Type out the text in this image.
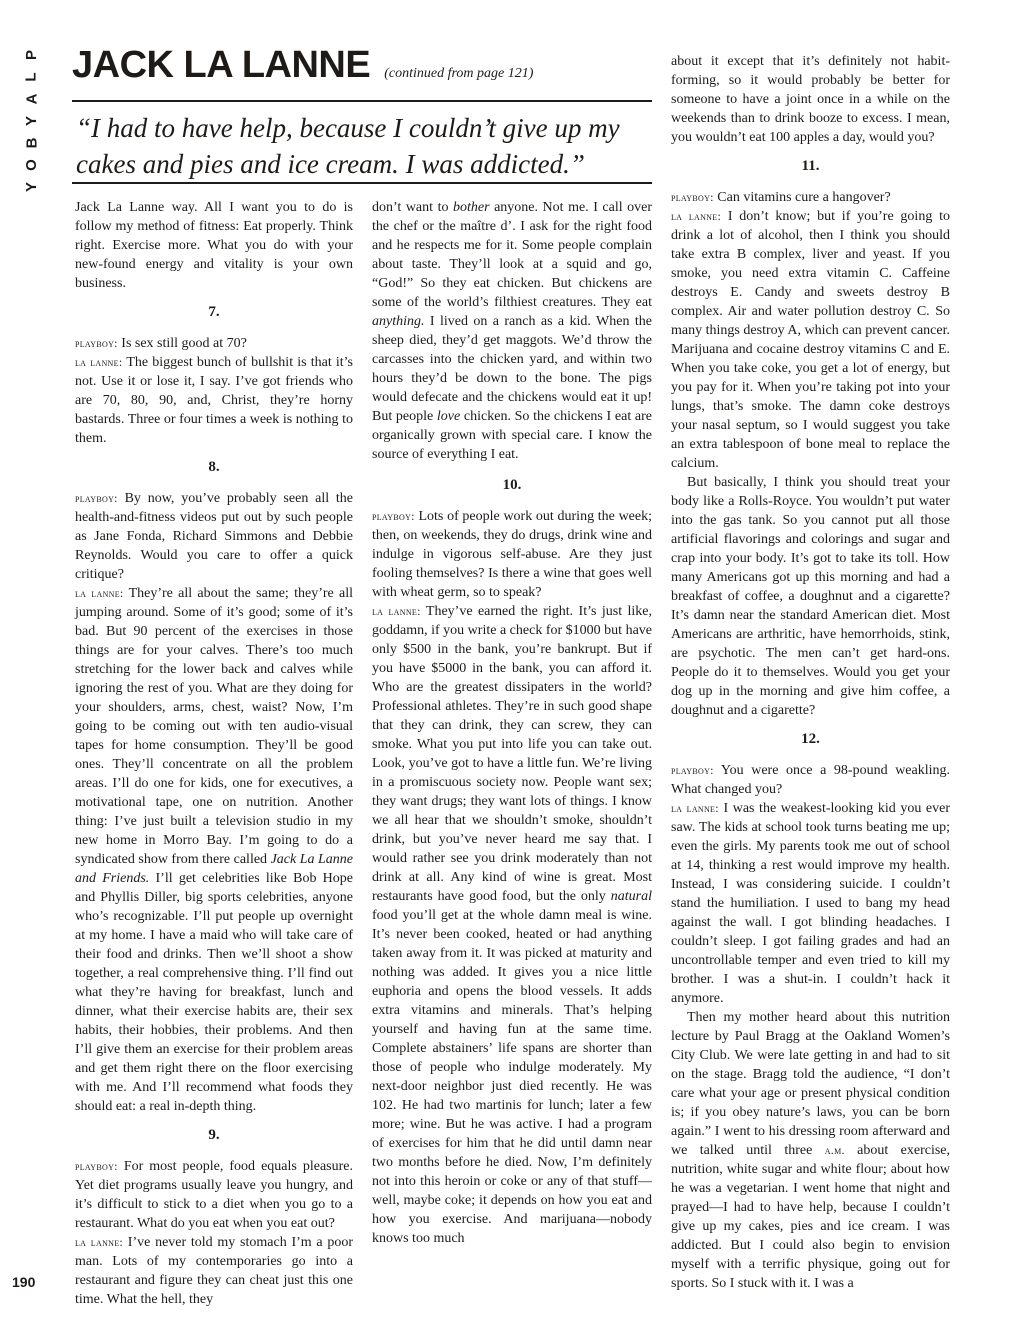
P
L
A
Y
B
O
Y
190
JACK LA LANNE (continued from page 121)

“I had to have help, because I couldn’t give up my cakes and pies and ice cream. I was addicted.”

Jack La Lanne way. All I want you to do is follow my method of fitness: Eat properly. Think right. Exercise more. What you do with your new-found energy and vitality is your own business.

7.

playboy: Is sex still good at 70?

la lanne: The biggest bunch of bullshit is that it’s not. Use it or lose it, I say. I’ve got friends who are 70, 80, 90, and, Christ, they’re horny bastards. Three or four times a week is nothing to them.

8.

playboy: By now, you’ve probably seen all the health-and-fitness videos put out by such people as Jane Fonda, Richard Simmons and Debbie Reynolds. Would you care to offer a quick critique?

la lanne: They’re all about the same; they’re all jumping around. Some of it’s good; some of it’s bad. But 90 percent of the exercises in those things are for your calves. There’s too much stretching for the lower back and calves while ignoring the rest of you. What are they doing for your shoulders, arms, chest, waist? Now, I’m going to be coming out with ten audio-visual tapes for home consumption. They’ll be good ones. They’ll concentrate on all the problem areas. I’ll do one for kids, one for executives, a motivational tape, one on nutrition. Another thing: I’ve just built a television studio in my new home in Morro Bay. I’m going to do a syndicated show from there called Jack La Lanne and Friends. I’ll get celebrities like Bob Hope and Phyllis Diller, big sports celebrities, anyone who’s recognizable. I’ll put people up overnight at my home. I have a maid who will take care of their food and drinks. Then we’ll shoot a show together, a real comprehensive thing. I’ll find out what they’re having for breakfast, lunch and dinner, what their exercise habits are, their sex habits, their hobbies, their problems. And then I’ll give them an exercise for their problem areas and get them right there on the floor exercising with me. And I’ll recommend what foods they should eat: a real in-depth thing.

9.

playboy: For most people, food equals pleasure. Yet diet programs usually leave you hungry, and it’s difficult to stick to a diet when you go to a restaurant. What do you eat when you eat out?

la lanne: I’ve never told my stomach I’m a poor man. Lots of my contemporaries go into a restaurant and figure they can cheat just this one time. What the hell, they

don’t want to bother anyone. Not me. I call over the chef or the maître d’. I ask for the right food and he respects me for it. Some people complain about taste. They’ll look at a squid and go, “God!” So they eat chicken. But chickens are some of the world’s filthiest creatures. They eat anything. I lived on a ranch as a kid. When the sheep died, they’d get maggots. We’d throw the carcasses into the chicken yard, and within two hours they’d be down to the bone. The pigs would defecate and the chickens would eat it up! But people love chicken. So the chickens I eat are organically grown with special care. I know the source of everything I eat.

10.

playboy: Lots of people work out during the week; then, on weekends, they do drugs, drink wine and indulge in vigorous self-abuse. Are they just fooling themselves? Is there a wine that goes well with wheat germ, so to speak?

la lanne: They’ve earned the right. It’s just like, goddamn, if you write a check for $1000 but have only $500 in the bank, you’re bankrupt. But if you have $5000 in the bank, you can afford it. Who are the greatest dissipaters in the world? Professional athletes. They’re in such good shape that they can drink, they can screw, they can smoke. What you put into life you can take out. Look, you’ve got to have a little fun. We’re living in a promiscuous society now. People want sex; they want drugs; they want lots of things. I know we all hear that we shouldn’t smoke, shouldn’t drink, but you’ve never heard me say that. I would rather see you drink moderately than not drink at all. Any kind of wine is great. Most restaurants have good food, but the only natural food you’ll get at the whole damn meal is wine. It’s never been cooked, heated or had anything taken away from it. It was picked at maturity and nothing was added. It gives you a nice little euphoria and opens the blood vessels. It adds extra vitamins and minerals. That’s helping yourself and having fun at the same time. Complete abstainers’ life spans are shorter than those of people who indulge moderately. My next-door neighbor just died recently. He was 102. He had two martinis for lunch; later a few more; wine. But he was active. I had a program of exercises for him that he did until damn near two months before he died. Now, I’m definitely not into this heroin or coke or any of that stuff—well, maybe coke; it depends on how you eat and how you exercise. And marijuana—nobody knows too much

about it except that it’s definitely not habit-forming, so it would probably be better for someone to have a joint once in a while on the weekends than to drink booze to excess. I mean, you wouldn’t eat 100 apples a day, would you?

11.

playboy: Can vitamins cure a hangover?

la lanne: I don’t know; but if you’re going to drink a lot of alcohol, then I think you should take extra B complex, liver and yeast. If you smoke, you need extra vitamin C. Caffeine destroys E. Candy and sweets destroy B complex. Air and water pollution destroy C. So many things destroy A, which can prevent cancer. Marijuana and cocaine destroy vitamins C and E. When you take coke, you get a lot of energy, but you pay for it. When you’re taking pot into your lungs, that’s smoke. The damn coke destroys your nasal septum, so I would suggest you take an extra tablespoon of bone meal to replace the calcium.

But basically, I think you should treat your body like a Rolls-Royce. You wouldn’t put water into the gas tank. So you cannot put all those artificial flavorings and colorings and sugar and crap into your body. It’s got to take its toll. How many Americans got up this morning and had a breakfast of coffee, a doughnut and a cigarette? It’s damn near the standard American diet. Most Americans are arthritic, have hemorrhoids, stink, are psychotic. The men can’t get hard-ons. People do it to themselves. Would you get your dog up in the morning and give him coffee, a doughnut and a cigarette?

12.

playboy: You were once a 98-pound weakling. What changed you?

la lanne: I was the weakest-looking kid you ever saw. The kids at school took turns beating me up; even the girls. My parents took me out of school at 14, thinking a rest would improve my health. Instead, I was considering suicide. I couldn’t stand the humiliation. I used to bang my head against the wall. I got blinding headaches. I couldn’t sleep. I got failing grades and had an uncontrollable temper and even tried to kill my brother. I was a shut-in. I couldn’t hack it anymore.

Then my mother heard about this nutrition lecture by Paul Bragg at the Oakland Women’s City Club. We were late getting in and had to sit on the stage. Bragg told the audience, “I don’t care what your age or present physical condition is; if you obey nature’s laws, you can be born again.” I went to his dressing room afterward and we talked until three a.m. about exercise, nutrition, white sugar and white flour; about how he was a vegetarian. I went home that night and prayed—I had to have help, because I couldn’t give up my cakes, pies and ice cream. I was addicted. But I could also begin to envision myself with a terrific physique, going out for sports. So I stuck with it. I was a
